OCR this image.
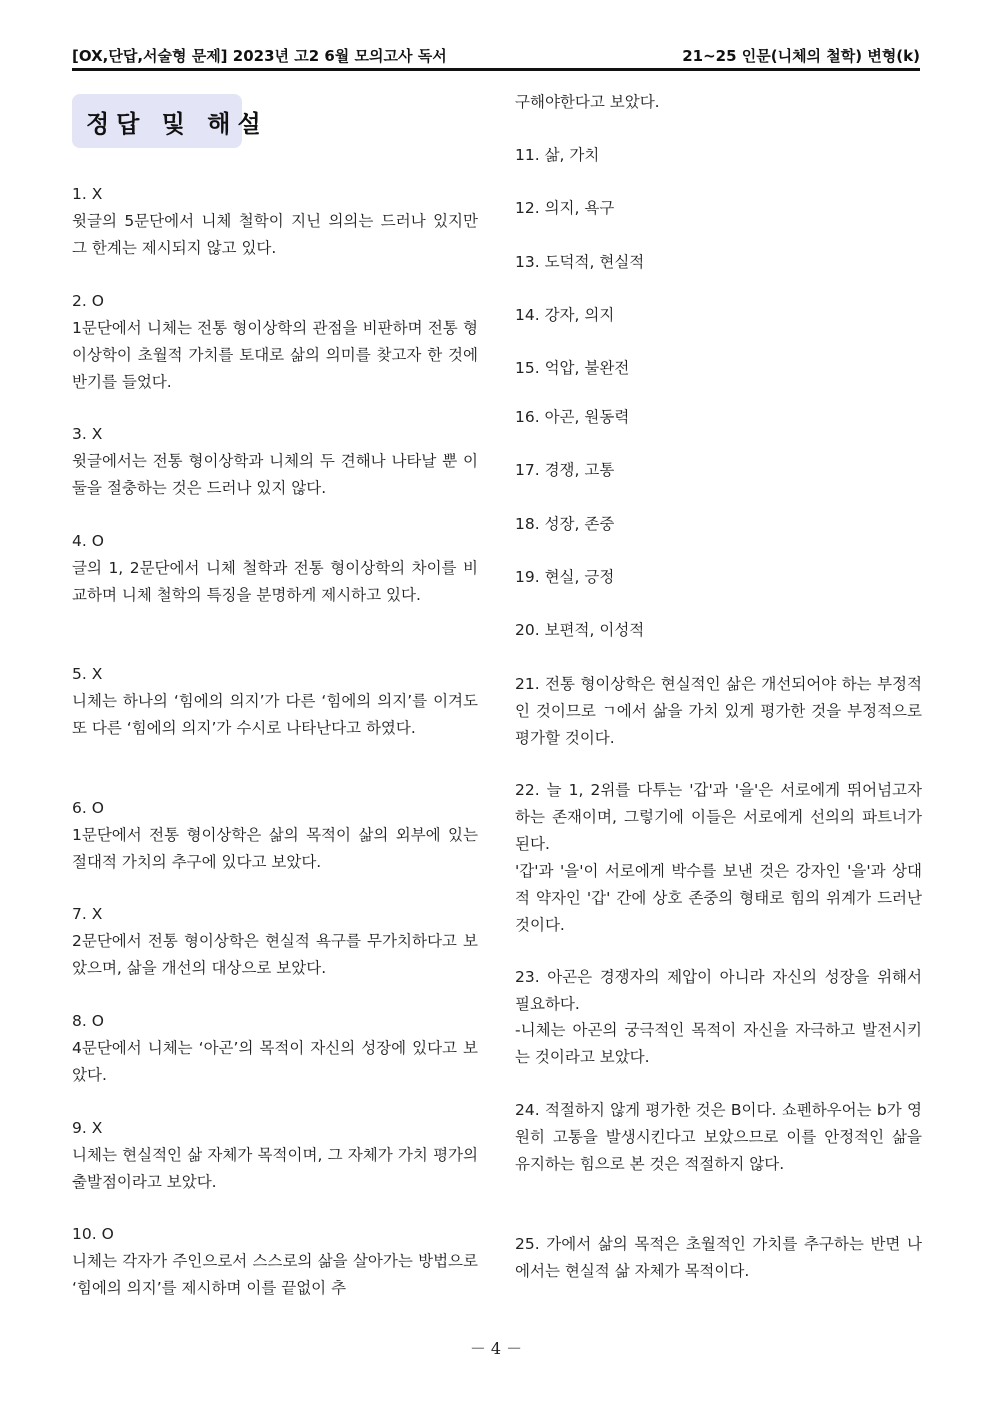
[OX,단답,서술형 문제] 2023년 고2 6월 모의고사 독서	21~25 인문(니체의 철학) 변형(k)
정답 및 해설

1. X

윗글의 5문단에서 니체 철학이 지닌 의의는 드러나 있지만 그 한계는 제시되지 않고 있다.

2. O

1문단에서 니체는 전통 형이상학의 관점을 비판하며 전통 형이상학이 초월적 가치를 토대로 삶의 의미를 찾고자 한 것에 반기를 들었다.

3. X

윗글에서는 전통 형이상학과 니체의 두 견해나 나타날 뿐 이 둘을 절충하는 것은 드러나 있지 않다.

4. O

글의 1, 2문단에서 니체 철학과 전통 형이상학의 차이를 비교하며 니체 철학의 특징을 분명하게 제시하고 있다.

5. X

니체는 하나의 ‘힘에의 의지’가 다른 ‘힘에의 의지’를 이겨도 또 다른 ‘힘에의 의지’가 수시로 나타난다고 하였다.

6. O

1문단에서 전통 형이상학은 삶의 목적이 삶의 외부에 있는 절대적 가치의 추구에 있다고 보았다.

7. X

2문단에서 전통 형이상학은 현실적 욕구를 무가치하다고 보았으며, 삶을 개선의 대상으로 보았다.

8. O

4문단에서 니체는 ‘아곤’의 목적이 자신의 성장에 있다고 보았다.

9. X

니체는 현실적인 삶 자체가 목적이며, 그 자체가 가치 평가의 출발점이라고 보았다.

10. O

니체는 각자가 주인으로서 스스로의 삶을 살아가는 방법으로 ‘힘에의 의지’를 제시하며 이를 끝없이 추

구해야한다고 보았다.

11. 삶, 가치

12. 의지, 욕구

13. 도덕적, 현실적

14. 강자, 의지

15. 억압, 불완전

16. 아곤, 원동력

17. 경쟁, 고통

18. 성장, 존중

19. 현실, 긍정

20. 보편적, 이성적

21. 전통 형이상학은 현실적인 삶은 개선되어야 하는 부정적인 것이므로 ㄱ에서 삶을 가치 있게 평가한 것을 부정적으로 평가할 것이다.

22. 늘 1, 2위를 다투는 '갑'과 '을'은 서로에게 뛰어넘고자 하는 존재이며, 그렇기에 이들은 서로에게 선의의 파트너가 된다.

'갑'과 '을'이 서로에게 박수를 보낸 것은 강자인 '을'과 상대적 약자인 '갑' 간에 상호 존중의 형태로 힘의 위계가 드러난 것이다.

23. 아곤은 경쟁자의 제압이 아니라 자신의 성장을 위해서 필요하다.

-니체는 아곤의 궁극적인 목적이 자신을 자극하고 발전시키는 것이라고 보았다.

24. 적절하지 않게 평가한 것은 B이다. 쇼펜하우어는 b가 영원히 고통을 발생시킨다고 보았으므로 이를 안정적인 삶을 유지하는 힘으로 본 것은 적절하지 않다.

25. 가에서 삶의 목적은 초월적인 가치를 추구하는 반면 나에서는 현실적 삶 자체가 목적이다.

－ 4 －
